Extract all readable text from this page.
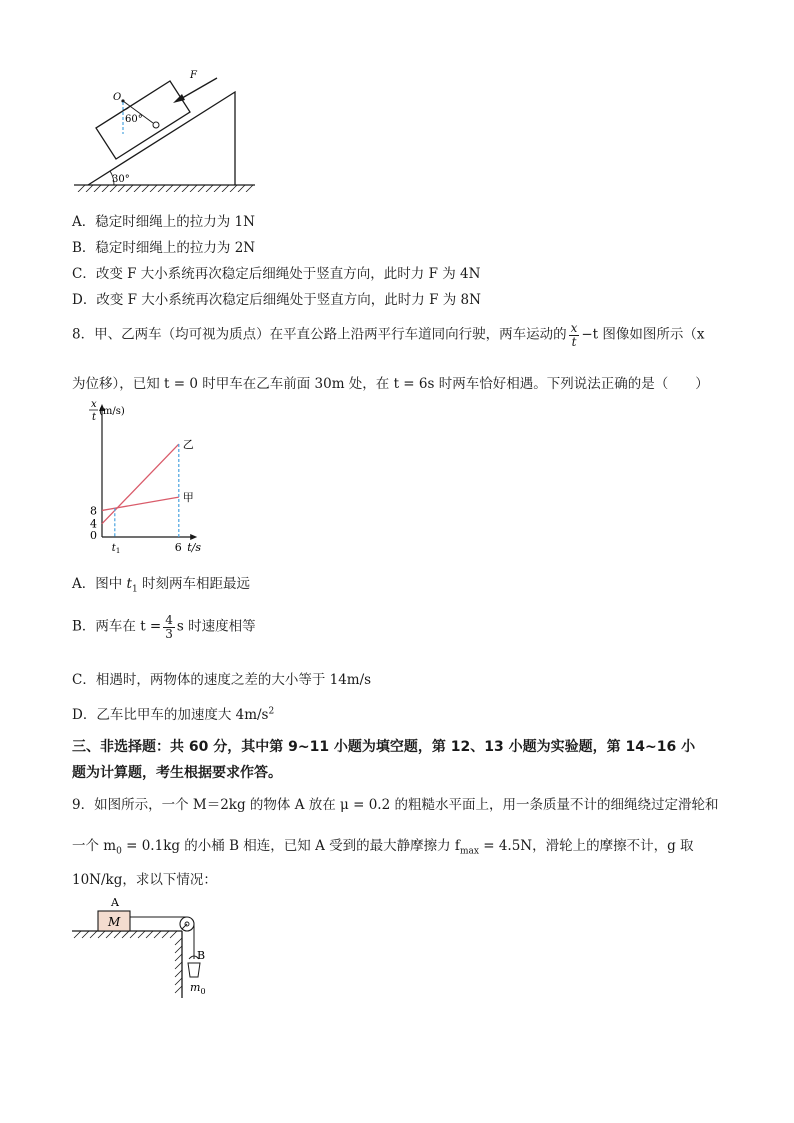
F
O
60°
30°
A．稳定时细绳上的拉力为 1N
B．稳定时细绳上的拉力为 2N
C．改变 F 大小系统再次稳定后细绳处于竖直方向，此时力 F 为 4N
D．改变 F 大小系统再次稳定后细绳处于竖直方向，此时力 F 为 8N
8．甲、乙两车（均可视为质点）在平直公路上沿两平行车道同向行驶，两车运动的 $\frac{x}{t} -t$ 图像如图所示（x
为位移），已知 t = 0 时甲车在乙车前面 30m 处，在 t = 6s 时两车恰好相遇。下列说法正确的是（　　）
乙
甲
8
4
0
$t_1$	6 t/s
x
t
(m/s)
A．图中 $t_1$ 时刻两车相距最远
B．两车在 $t = \frac{4}{3}$ s 时速度相等
C．相遇时，两物体的速度之差的大小等于 14m/s
D．乙车比甲车的加速度大 $4m/s^2$
三、非选择题：共 60 分，其中第 9~11 小题为填空题，第 12、13 小题为实验题，第 14~16 小
题为计算题，考生根据要求作答。
9．如图所示，一个 M＝2kg 的物体 A 放在 μ = 0.2 的粗糙水平面上，用一条质量不计的细绳绕过定滑轮和
一个 $m_0 = 0.1kg$ 的小桶 B 相连，已知 A 受到的最大静摩擦力 $f_{max} = 4.5N$，滑轮上的摩擦不计，g 取
10N/kg，求以下情况：
A
M
B
$m_0$
